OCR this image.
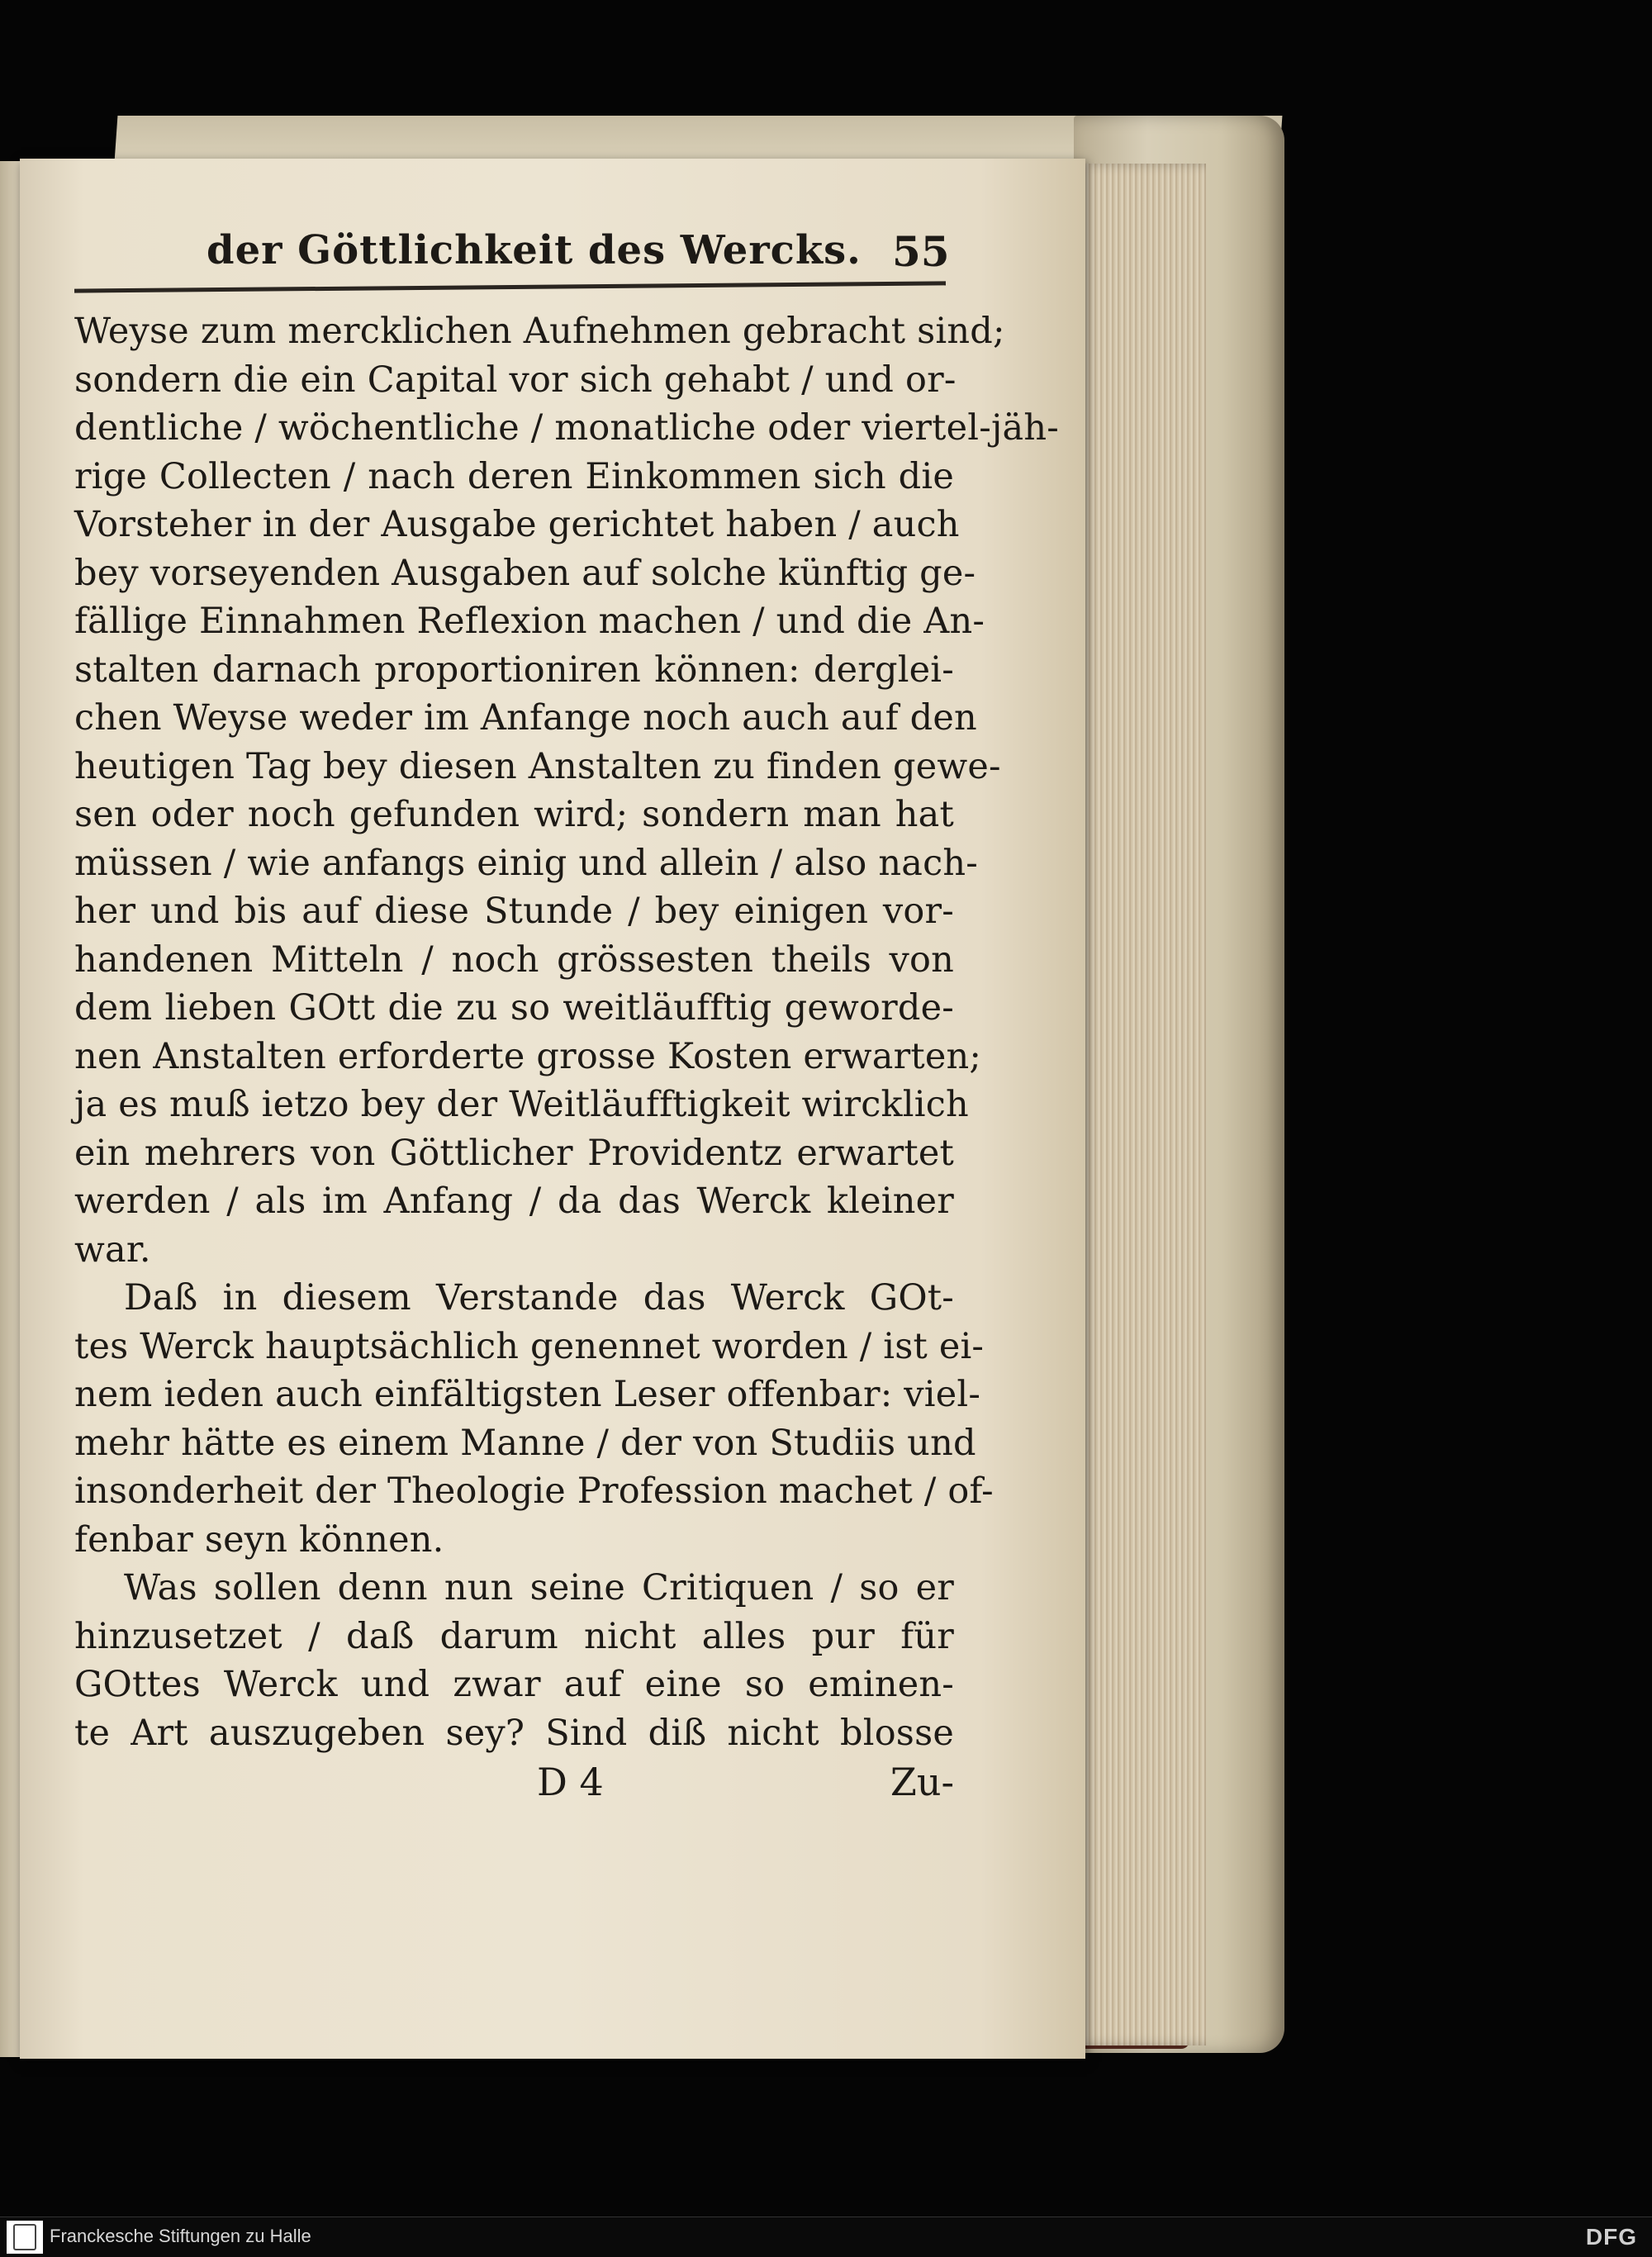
der Göttlichkeit des Wercks. 55
Weyse zum mercklichen Aufnehmen gebracht sind;
sondern die ein Capital vor sich gehabt / und or-
dentliche / wöchentliche / monatliche oder viertel-jäh-
rige Collecten / nach deren Einkommen sich die
Vorsteher in der Ausgabe gerichtet haben / auch
bey vorseyenden Ausgaben auf solche künftig ge-
fällige Einnahmen Reflexion machen / und die An-
stalten darnach proportioniren können: derglei-
chen Weyse weder im Anfange noch auch auf den
heutigen Tag bey diesen Anstalten zu finden gewe-
sen oder noch gefunden wird; sondern man hat
müssen / wie anfangs einig und allein / also nach-
her und bis auf diese Stunde / bey einigen vor-
handenen Mitteln / noch grössesten theils von
dem lieben GOtt die zu so weitläufftig geworde-
nen Anstalten erforderte grosse Kosten erwarten;
ja es muß ietzo bey der Weitläufftigkeit wircklich
ein mehrers von Göttlicher Providentz erwartet
werden / als im Anfang / da das Werck kleiner
war.
Daß in diesem Verstande das Werck GOt-
tes Werck hauptsächlich genennet worden / ist ei-
nem ieden auch einfältigsten Leser offenbar: viel-
mehr hätte es einem Manne / der von Studiis und
insonderheit der Theologie Profession machet / of-
fenbar seyn können.
Was sollen denn nun seine Critiquen / so er
hinzusetzet / daß darum nicht alles pur für
GOttes Werck und zwar auf eine so eminen-
te Art auszugeben sey? Sind diß nicht blosse
D 4	Zu-
Franckesche Stiftungen zu Halle	DFG
